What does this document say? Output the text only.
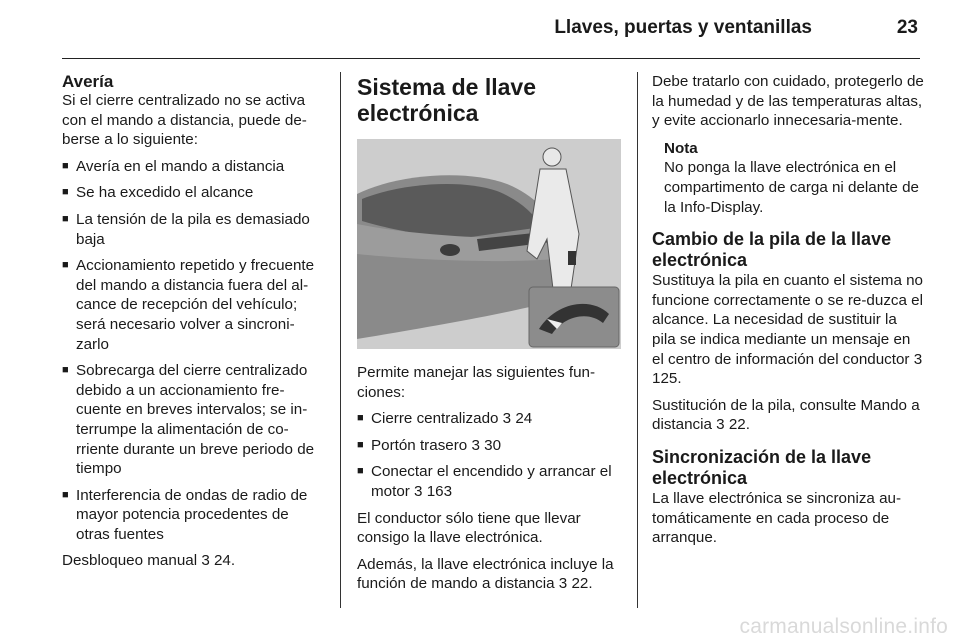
Llaves, puertas y ventanillas	23
Avería

Si el cierre centralizado no se activa con el mando a distancia, puede de-berse a lo siguiente:

■ Avería en el mando a distancia
■ Se ha excedido el alcance
■ La tensión de la pila es demasiado baja
■ Accionamiento repetido y frecuente del mando a distancia fuera del al-cance de recepción del vehículo; será necesario volver a sincroni-zarlo
■ Sobrecarga del cierre centralizado debido a un accionamiento fre-cuente en breves intervalos; se in-terrumpe la alimentación de co-rriente durante un breve periodo de tiempo
■ Interferencia de ondas de radio de mayor potencia procedentes de otras fuentes

Desbloqueo manual 3 24.

Sistema de llave electrónica

Permite manejar las siguientes fun-ciones:

■ Cierre centralizado 3 24
■ Portón trasero 3 30
■ Conectar el encendido y arrancar el motor 3 163

El conductor sólo tiene que llevar consigo la llave electrónica.

Además, la llave electrónica incluye la función de mando a distancia 3 22.

Debe tratarlo con cuidado, protegerlo de la humedad y de las temperaturas altas, y evite accionarlo innecesaria-mente.

Nota
No ponga la llave electrónica en el compartimento de carga ni delante de la Info-Display.
Cambio de la pila de la llave electrónica

Sustituya la pila en cuanto el sistema no funcione correctamente o se re-duzca el alcance. La necesidad de sustituir la pila se indica mediante un mensaje en el centro de información del conductor 3 125.

Sustitución de la pila, consulte Mando a distancia 3 22.

Sincronización de la llave electrónica

La llave electrónica se sincroniza au-tomáticamente en cada proceso de arranque.

carmanualsonline.info
